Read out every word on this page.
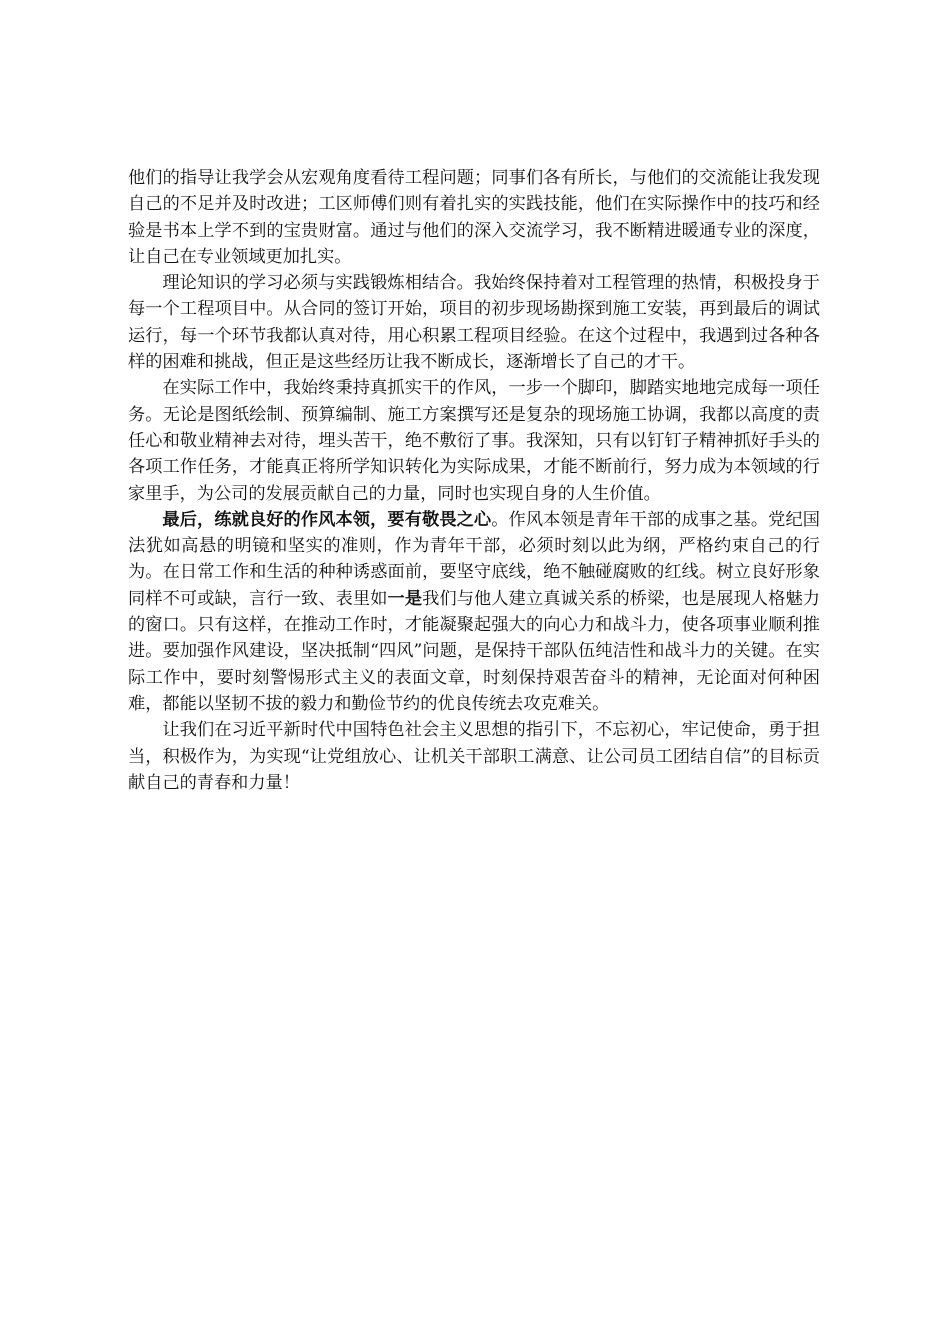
他们的指导让我学会从宏观角度看待工程问题；同事们各有所长，与他们的交流能让我发现自己的不足并及时改进；工区师傅们则有着扎实的实践技能，他们在实际操作中的技巧和经验是书本上学不到的宝贵财富。通过与他们的深入交流学习，我不断精进暖通专业的深度，让自己在专业领域更加扎实。

理论知识的学习必须与实践锻炼相结合。我始终保持着对工程管理的热情，积极投身于每一个工程项目中。从合同的签订开始，项目的初步现场勘探到施工安装，再到最后的调试运行，每一个环节我都认真对待，用心积累工程项目经验。在这个过程中，我遇到过各种各样的困难和挑战，但正是这些经历让我不断成长，逐渐增长了自己的才干。

在实际工作中，我始终秉持真抓实干的作风，一步一个脚印，脚踏实地地完成每一项任务。无论是图纸绘制、预算编制、施工方案撰写还是复杂的现场施工协调，我都以高度的责任心和敬业精神去对待，埋头苦干，绝不敷衍了事。我深知，只有以钉钉子精神抓好手头的各项工作任务，才能真正将所学知识转化为实际成果，才能不断前行，努力成为本领域的行家里手，为公司的发展贡献自己的力量，同时也实现自身的人生价值。

最后，练就良好的作风本领，要有敬畏之心。作风本领是青年干部的成事之基。党纪国法犹如高悬的明镜和坚实的准则，作为青年干部，必须时刻以此为纲，严格约束自己的行为。在日常工作和生活的种种诱惑面前，要坚守底线，绝不触碰腐败的红线。树立良好形象同样不可或缺，言行一致、表里如一是我们与他人建立真诚关系的桥梁，也是展现人格魅力的窗口。只有这样，在推动工作时，才能凝聚起强大的向心力和战斗力，使各项事业顺利推进。要加强作风建设，坚决抵制“四风”问题，是保持干部队伍纯洁性和战斗力的关键。在实际工作中，要时刻警惕形式主义的表面文章，时刻保持艰苦奋斗的精神，无论面对何种困难，都能以坚韧不拔的毅力和勤俭节约的优良传统去攻克难关。

让我们在习近平新时代中国特色社会主义思想的指引下，不忘初心，牢记使命，勇于担当，积极作为，为实现“让党组放心、让机关干部职工满意、让公司员工团结自信”的目标贡献自己的青春和力量！
